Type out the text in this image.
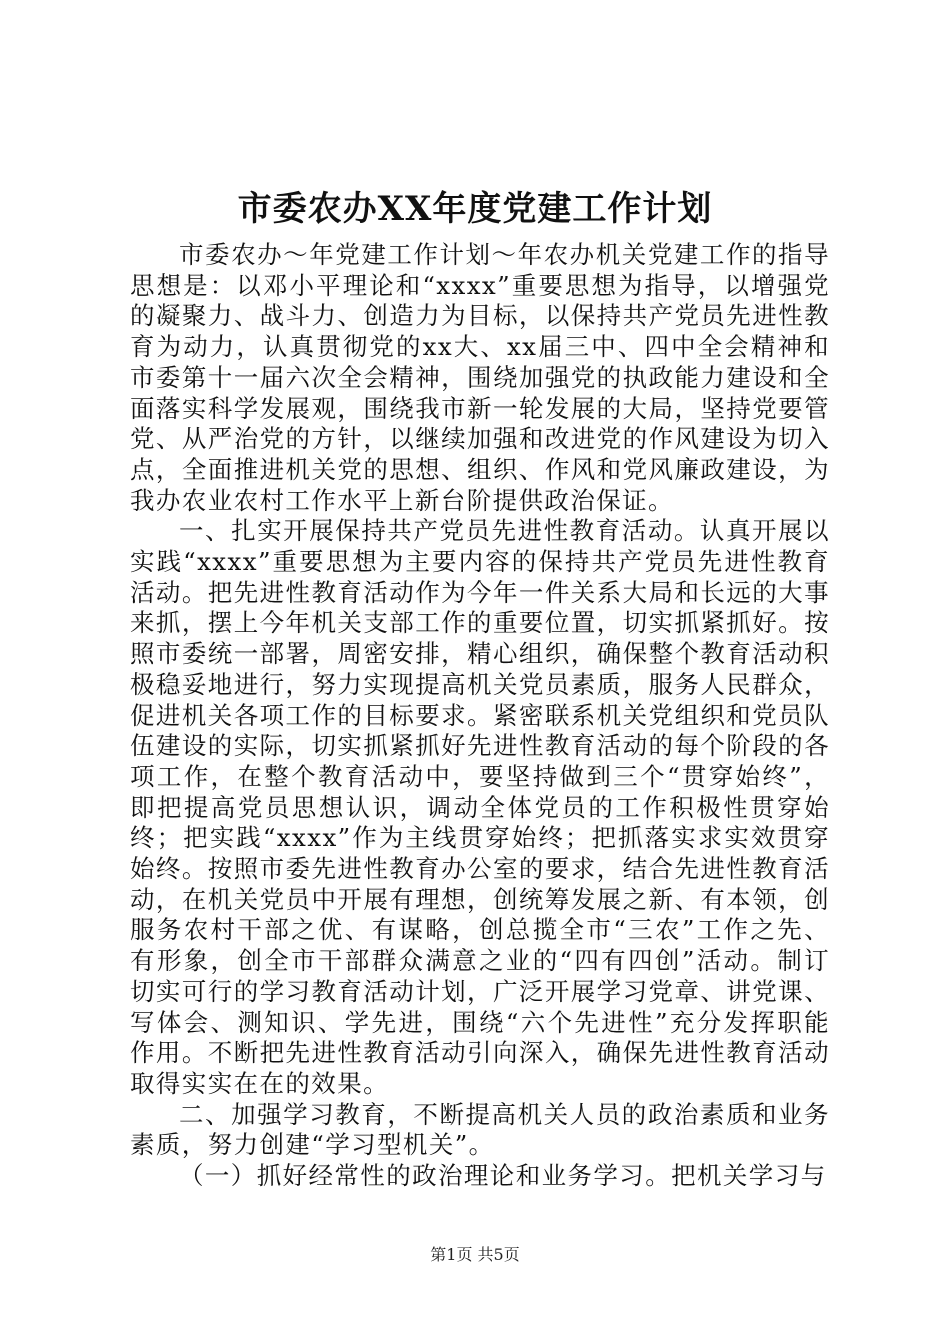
市委农办XX年度党建工作计划

市委农办～年党建工作计划～年农办机关党建工作的指导思想是：以邓小平理论和“xxxx”重要思想为指导，以增强党的凝聚力、战斗力、创造力为目标，以保持共产党员先进性教育为动力，认真贯彻党的xx大、xx届三中、四中全会精神和市委第十一届六次全会精神，围绕加强党的执政能力建设和全面落实科学发展观，围绕我市新一轮发展的大局，坚持党要管党、从严治党的方针，以继续加强和改进党的作风建设为切入点，全面推进机关党的思想、组织、作风和党风廉政建设，为我办农业农村工作水平上新台阶提供政治保证。

一、扎实开展保持共产党员先进性教育活动。认真开展以实践“xxxx”重要思想为主要内容的保持共产党员先进性教育活动。把先进性教育活动作为今年一件关系大局和长远的大事来抓，摆上今年机关支部工作的重要位置，切实抓紧抓好。按照市委统一部署，周密安排，精心组织，确保整个教育活动积极稳妥地进行，努力实现提高机关党员素质，服务人民群众，促进机关各项工作的目标要求。紧密联系机关党组织和党员队伍建设的实际，切实抓紧抓好先进性教育活动的每个阶段的各项工作，在整个教育活动中，要坚持做到三个“贯穿始终”，即把提高党员思想认识，调动全体党员的工作积极性贯穿始终；把实践“xxxx”作为主线贯穿始终；把抓落实求实效贯穿始终。按照市委先进性教育办公室的要求，结合先进性教育活动，在机关党员中开展有理想，创统筹发展之新、有本领，创服务农村干部之优、有谋略，创总揽全市“三农”工作之先、有形象，创全市干部群众满意之业的“四有四创”活动。制订切实可行的学习教育活动计划，广泛开展学习党章、讲党课、写体会、测知识、学先进，围绕“六个先进性”充分发挥职能作用。不断把先进性教育活动引向深入，确保先进性教育活动取得实实在在的效果。

二、加强学习教育，不断提高机关人员的政治素质和业务素质，努力创建“学习型机关”。

（一）抓好经常性的政治理论和业务学习。把机关学习与

第1页 共5页
